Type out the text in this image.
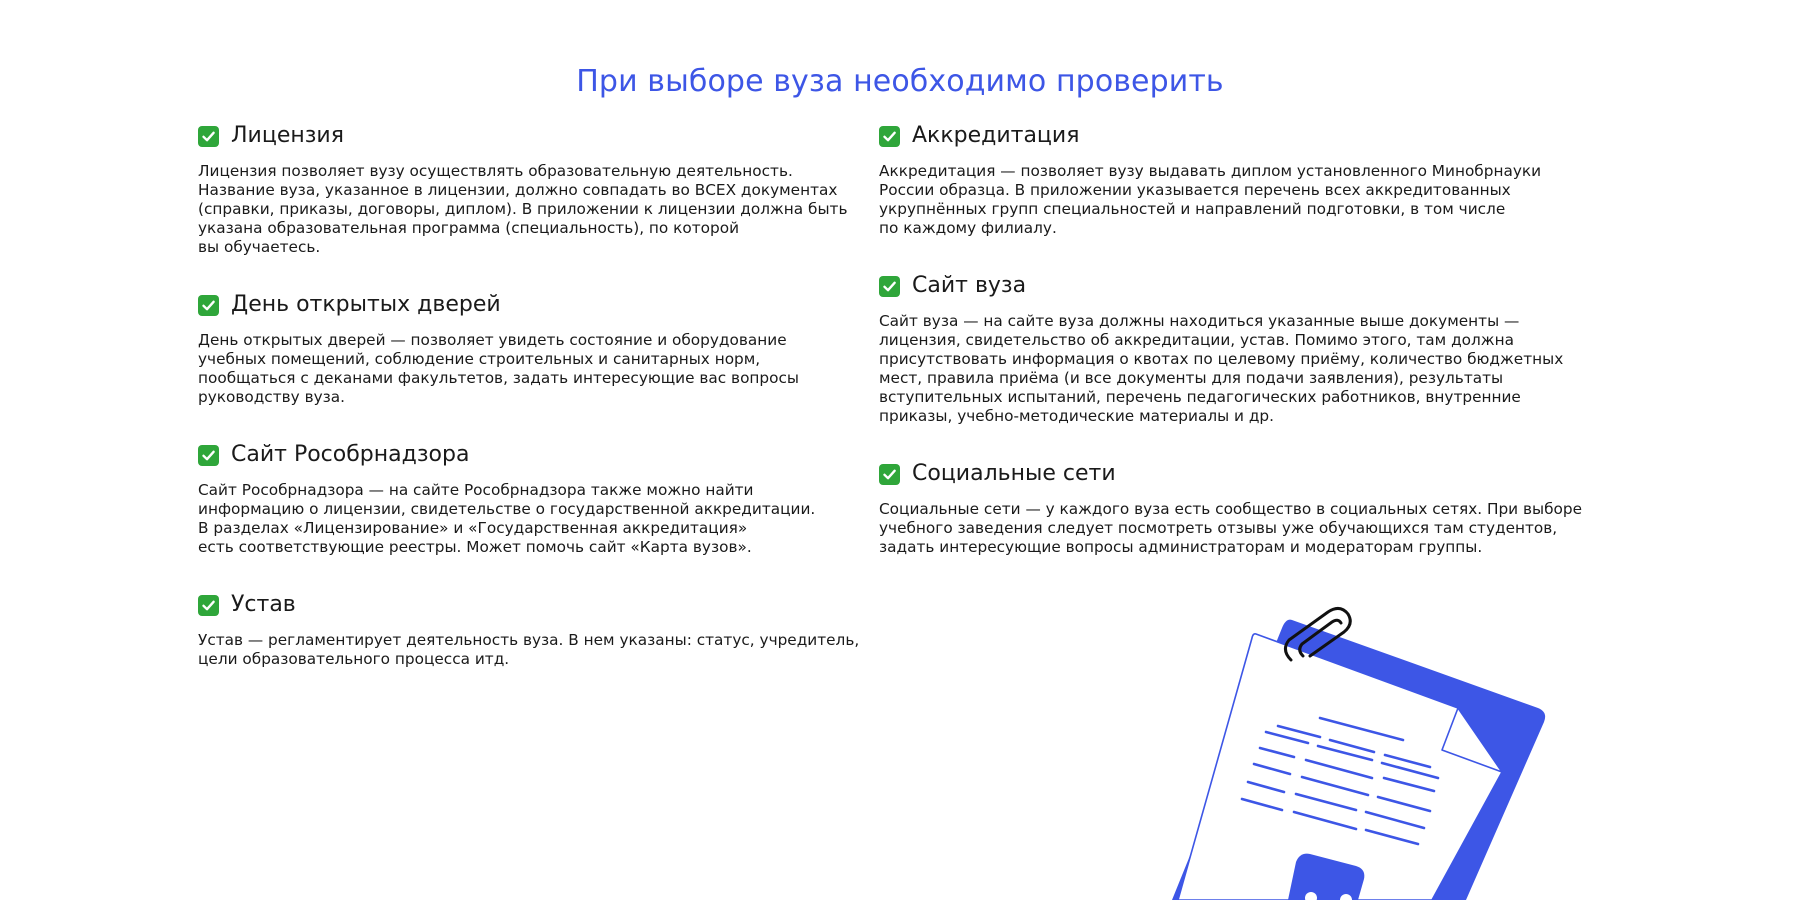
При выборе вуза необходимо проверить
Лицензия
Лицензия позволяет вузу осуществлять образовательную деятельность.
Название вуза, указанное в лицензии, должно совпадать во ВСЕХ документах
(справки, приказы, договоры, диплом). В приложении к лицензии должна быть
указана образовательная программа (специальность), по которой
вы обучаетесь.
День открытых дверей
День открытых дверей — позволяет увидеть состояние и оборудование
учебных помещений, соблюдение строительных и санитарных норм,
пообщаться с деканами факультетов, задать интересующие вас вопросы
руководству вуза.
Сайт Рособрнадзора
Сайт Рособрнадзора — на сайте Рособрнадзора также можно найти
информацию о лицензии, свидетельстве о государственной аккредитации.
В разделах «Лицензирование» и «Государственная аккредитация»
есть соответствующие реестры. Может помочь сайт «Карта вузов».
Устав
Устав — регламентирует деятельность вуза. В нем указаны: статус, учредитель,
цели образовательного процесса итд.
Аккредитация
Аккредитация — позволяет вузу выдавать диплом установленного Минобрнауки
России образца. В приложении указывается перечень всех аккредитованных
укрупнённых групп специальностей и направлений подготовки, в том числе
по каждому филиалу.
Сайт вуза
Сайт вуза — на сайте вуза должны находиться указанные выше документы —
лицензия, свидетельство об аккредитации, устав. Помимо этого, там должна
присутствовать информация о квотах по целевому приёму, количество бюджетных
мест, правила приёма (и все документы для подачи заявления), результаты
вступительных испытаний, перечень педагогических работников, внутренние
приказы, учебно-методические материалы и др.
Социальные сети
Социальные сети — у каждого вуза есть сообщество в социальных сетях. При выборе
учебного заведения следует посмотреть отзывы уже обучающихся там студентов,
задать интересующие вопросы администраторам и модераторам группы.
